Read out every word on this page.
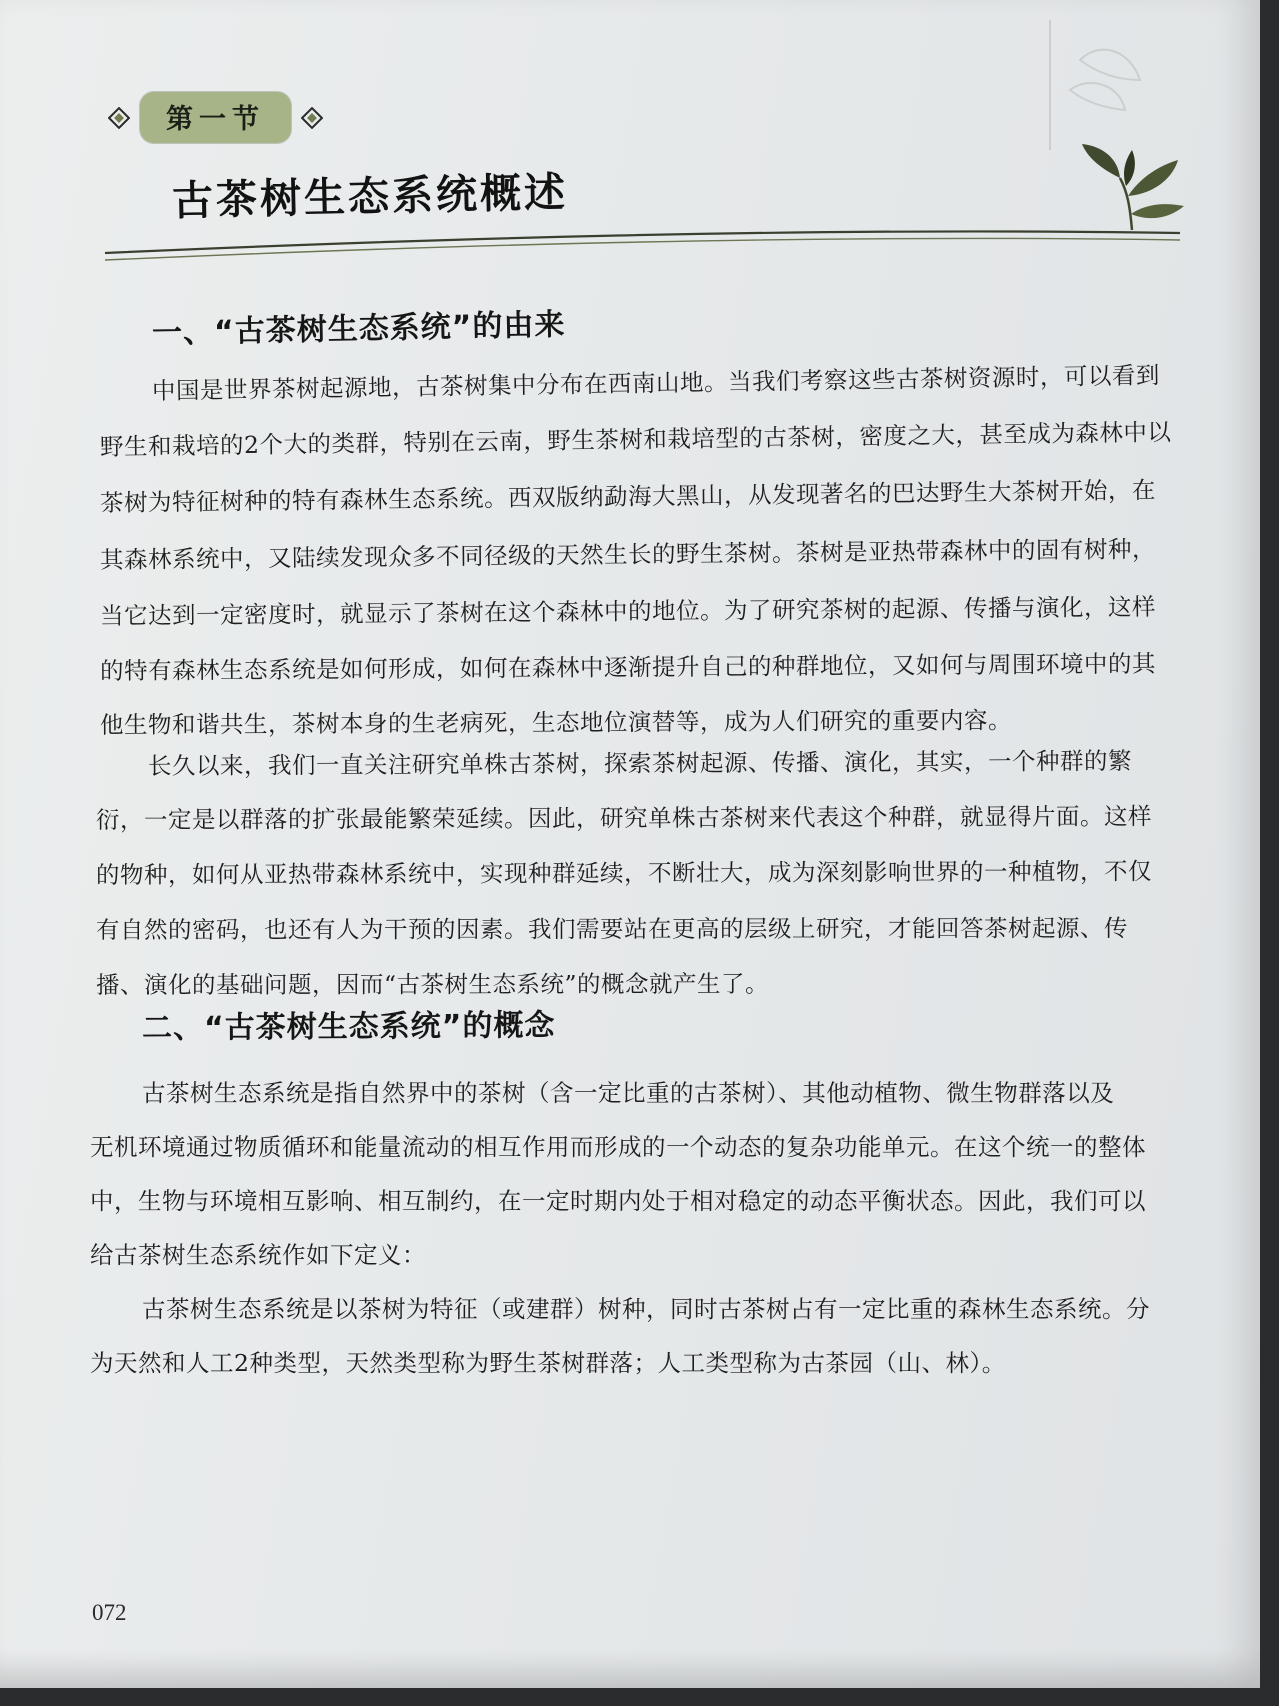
第一节
古茶树生态系统概述
一、“古茶树生态系统”的由来
中国是世界茶树起源地，古茶树集中分布在西南山地。当我们考察这些古茶树资源时，可以看到
野生和栽培的2个大的类群，特别在云南，野生茶树和栽培型的古茶树，密度之大，甚至成为森林中以
茶树为特征树种的特有森林生态系统。西双版纳勐海大黑山，从发现著名的巴达野生大茶树开始，在
其森林系统中，又陆续发现众多不同径级的天然生长的野生茶树。茶树是亚热带森林中的固有树种，
当它达到一定密度时，就显示了茶树在这个森林中的地位。为了研究茶树的起源、传播与演化，这样
的特有森林生态系统是如何形成，如何在森林中逐渐提升自己的种群地位，又如何与周围环境中的其
他生物和谐共生，茶树本身的生老病死，生态地位演替等，成为人们研究的重要内容。
长久以来，我们一直关注研究单株古茶树，探索茶树起源、传播、演化，其实，一个种群的繁
衍，一定是以群落的扩张最能繁荣延续。因此，研究单株古茶树来代表这个种群，就显得片面。这样
的物种，如何从亚热带森林系统中，实现种群延续，不断壮大，成为深刻影响世界的一种植物，不仅
有自然的密码，也还有人为干预的因素。我们需要站在更高的层级上研究，才能回答茶树起源、传
播、演化的基础问题，因而“古茶树生态系统”的概念就产生了。
二、“古茶树生态系统”的概念
古茶树生态系统是指自然界中的茶树（含一定比重的古茶树）、其他动植物、微生物群落以及
无机环境通过物质循环和能量流动的相互作用而形成的一个动态的复杂功能单元。在这个统一的整体
中，生物与环境相互影响、相互制约，在一定时期内处于相对稳定的动态平衡状态。因此，我们可以
给古茶树生态系统作如下定义：
古茶树生态系统是以茶树为特征（或建群）树种，同时古茶树占有一定比重的森林生态系统。分
为天然和人工2种类型，天然类型称为野生茶树群落；人工类型称为古茶园（山、林）。
072
